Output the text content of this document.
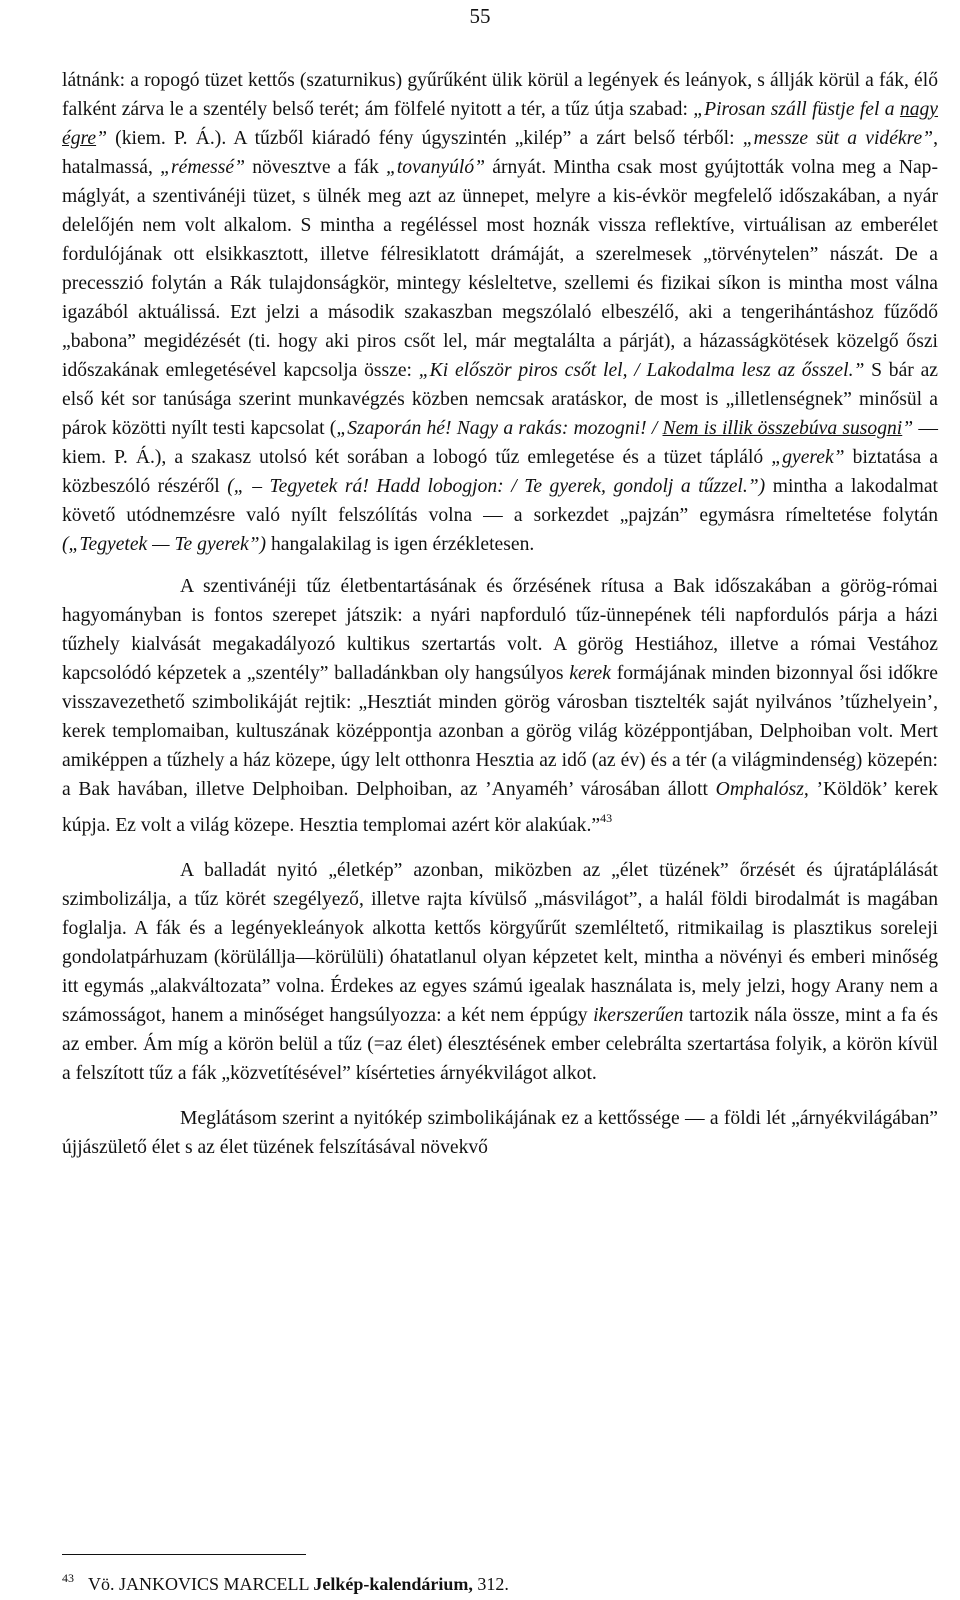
55

látnánk: a ropogó tüzet kettős (szaturnikus) gyűrűként ülik körül a legények és leányok, s állják körül a fák, élő falként zárva le a szentély belső terét; ám fölfelé nyitott a tér, a tűz útja szabad: „Pirosan száll füstje fel a nagy égre” (kiem. P. Á.). A tűzből kiáradó fény úgyszintén „kilép” a zárt belső térből: „messze süt a vidékre”, hatalmassá, „rémessé” növesztve a fák „tovanyúló” árnyát. Mintha csak most gyújtották volna meg a Nap-máglyát, a szentivánéji tüzet, s ülnék meg azt az ünnepet, melyre a kis-évkör megfelelő időszakában, a nyár delelőjén nem volt alkalom. S mintha a regéléssel most hoznák vissza reflektíve, virtuálisan az emberélet fordulójának ott elsikkasztott, illetve félresiklatott drámáját, a szerelmesek „törvénytelen” nászát. De a precesszió folytán a Rák tulajdonságkör, mintegy késleltetve, szellemi és fizikai síkon is mintha most válna igazából aktuálissá. Ezt jelzi a második szakaszban megszólaló elbeszélő, aki a tengerihántáshoz fűződő „babona” megidézését (ti. hogy aki piros csőt lel, már megtalálta a párját), a házasságkötések közelgő őszi időszakának emlegetésével kapcsolja össze: „Ki először piros csőt lel, / Lakodalma lesz az ősszel.” S bár az első két sor tanúsága szerint munkavégzés közben nemcsak aratáskor, de most is „illetlenségnek” minősül a párok közötti nyílt testi kapcsolat („Szaporán hé! Nagy a rakás: mozogni! / Nem is illik összebúva susogni” — kiem. P. Á.), a szakasz utolsó két sorában a lobogó tűz emlegetése és a tüzet tápláló „gyerek” biztatása a közbeszóló részéről („ – Tegyetek rá! Hadd lobogjon: / Te gyerek, gondolj a tűzzel.”) mintha a lakodalmat követő utódnemzésre való nyílt felszólítás volna — a sorkezdet „pajzán” egymásra rímeltetése folytán („Tegyetek — Te gyerek”) hangalakilag is igen érzékletesen.

A szentivánéji tűz életbentartásának és őrzésének rítusa a Bak időszakában a görög-római hagyományban is fontos szerepet játszik: a nyári napforduló tűz-ünnepének téli napfordulós párja a házi tűzhely kialvását megakadályozó kultikus szertartás volt. A görög Hestiához, illetve a római Vestához kapcsolódó képzetek a „szentély” balladánkban oly hangsúlyos kerek formájának minden bizonnyal ősi időkre visszavezethető szimbolikáját rejtik: „Hesztiát minden görög városban tisztelték saját nyilvános ’tűzhelyein’, kerek templomaiban, kultuszának középpontja azonban a görög világ középpontjában, Delphoiban volt. Mert amiképpen a tűzhely a ház közepe, úgy lelt otthonra Hesztia az idő (az év) és a tér (a világmindenség) közepén: a Bak havában, illetve Delphoiban. Delphoiban, az ’Anyaméh’ városában állott Omphalósz, ’Köldök’ kerek kúpja. Ez volt a világ közepe. Hesztia templomai azért kör alakúak.”$^{43}$

A balladát nyitó „életkép” azonban, miközben az „élet tüzének” őrzését és újratáplálását szimbolizálja, a tűz körét szegélyező, illetve rajta kívülső „másvilágot”, a halál földi birodalmát is magában foglalja. A fák és a legényekleányok alkotta kettős körgyűrűt szemléltető, ritmikailag is plasztikus soreleji gondolatpárhuzam (körülállja—körülüli) óhatatlanul olyan képzetet kelt, mintha a növényi és emberi minőség itt egymás „alakváltozata” volna. Érdekes az egyes számú igealak használata is, mely jelzi, hogy Arany nem a számosságot, hanem a minőséget hangsúlyozza: a két nem éppúgy ikerszerűen tartozik nála össze, mint a fa és az ember. Ám míg a körön belül a tűz (=az élet) élesztésének ember celebrálta szertartása folyik, a körön kívül a felszított tűz a fák „közvetítésével” kísérteties árnyékvilágot alkot.

Meglátásom szerint a nyitókép szimbolikájának ez a kettőssége — a földi lét „árnyékvilágában” újjászülető élet s az élet tüzének felszításával növekvő

$^{43}$ Vö. JANKOVICS MARCELL Jelkép-kalendárium, 312.
